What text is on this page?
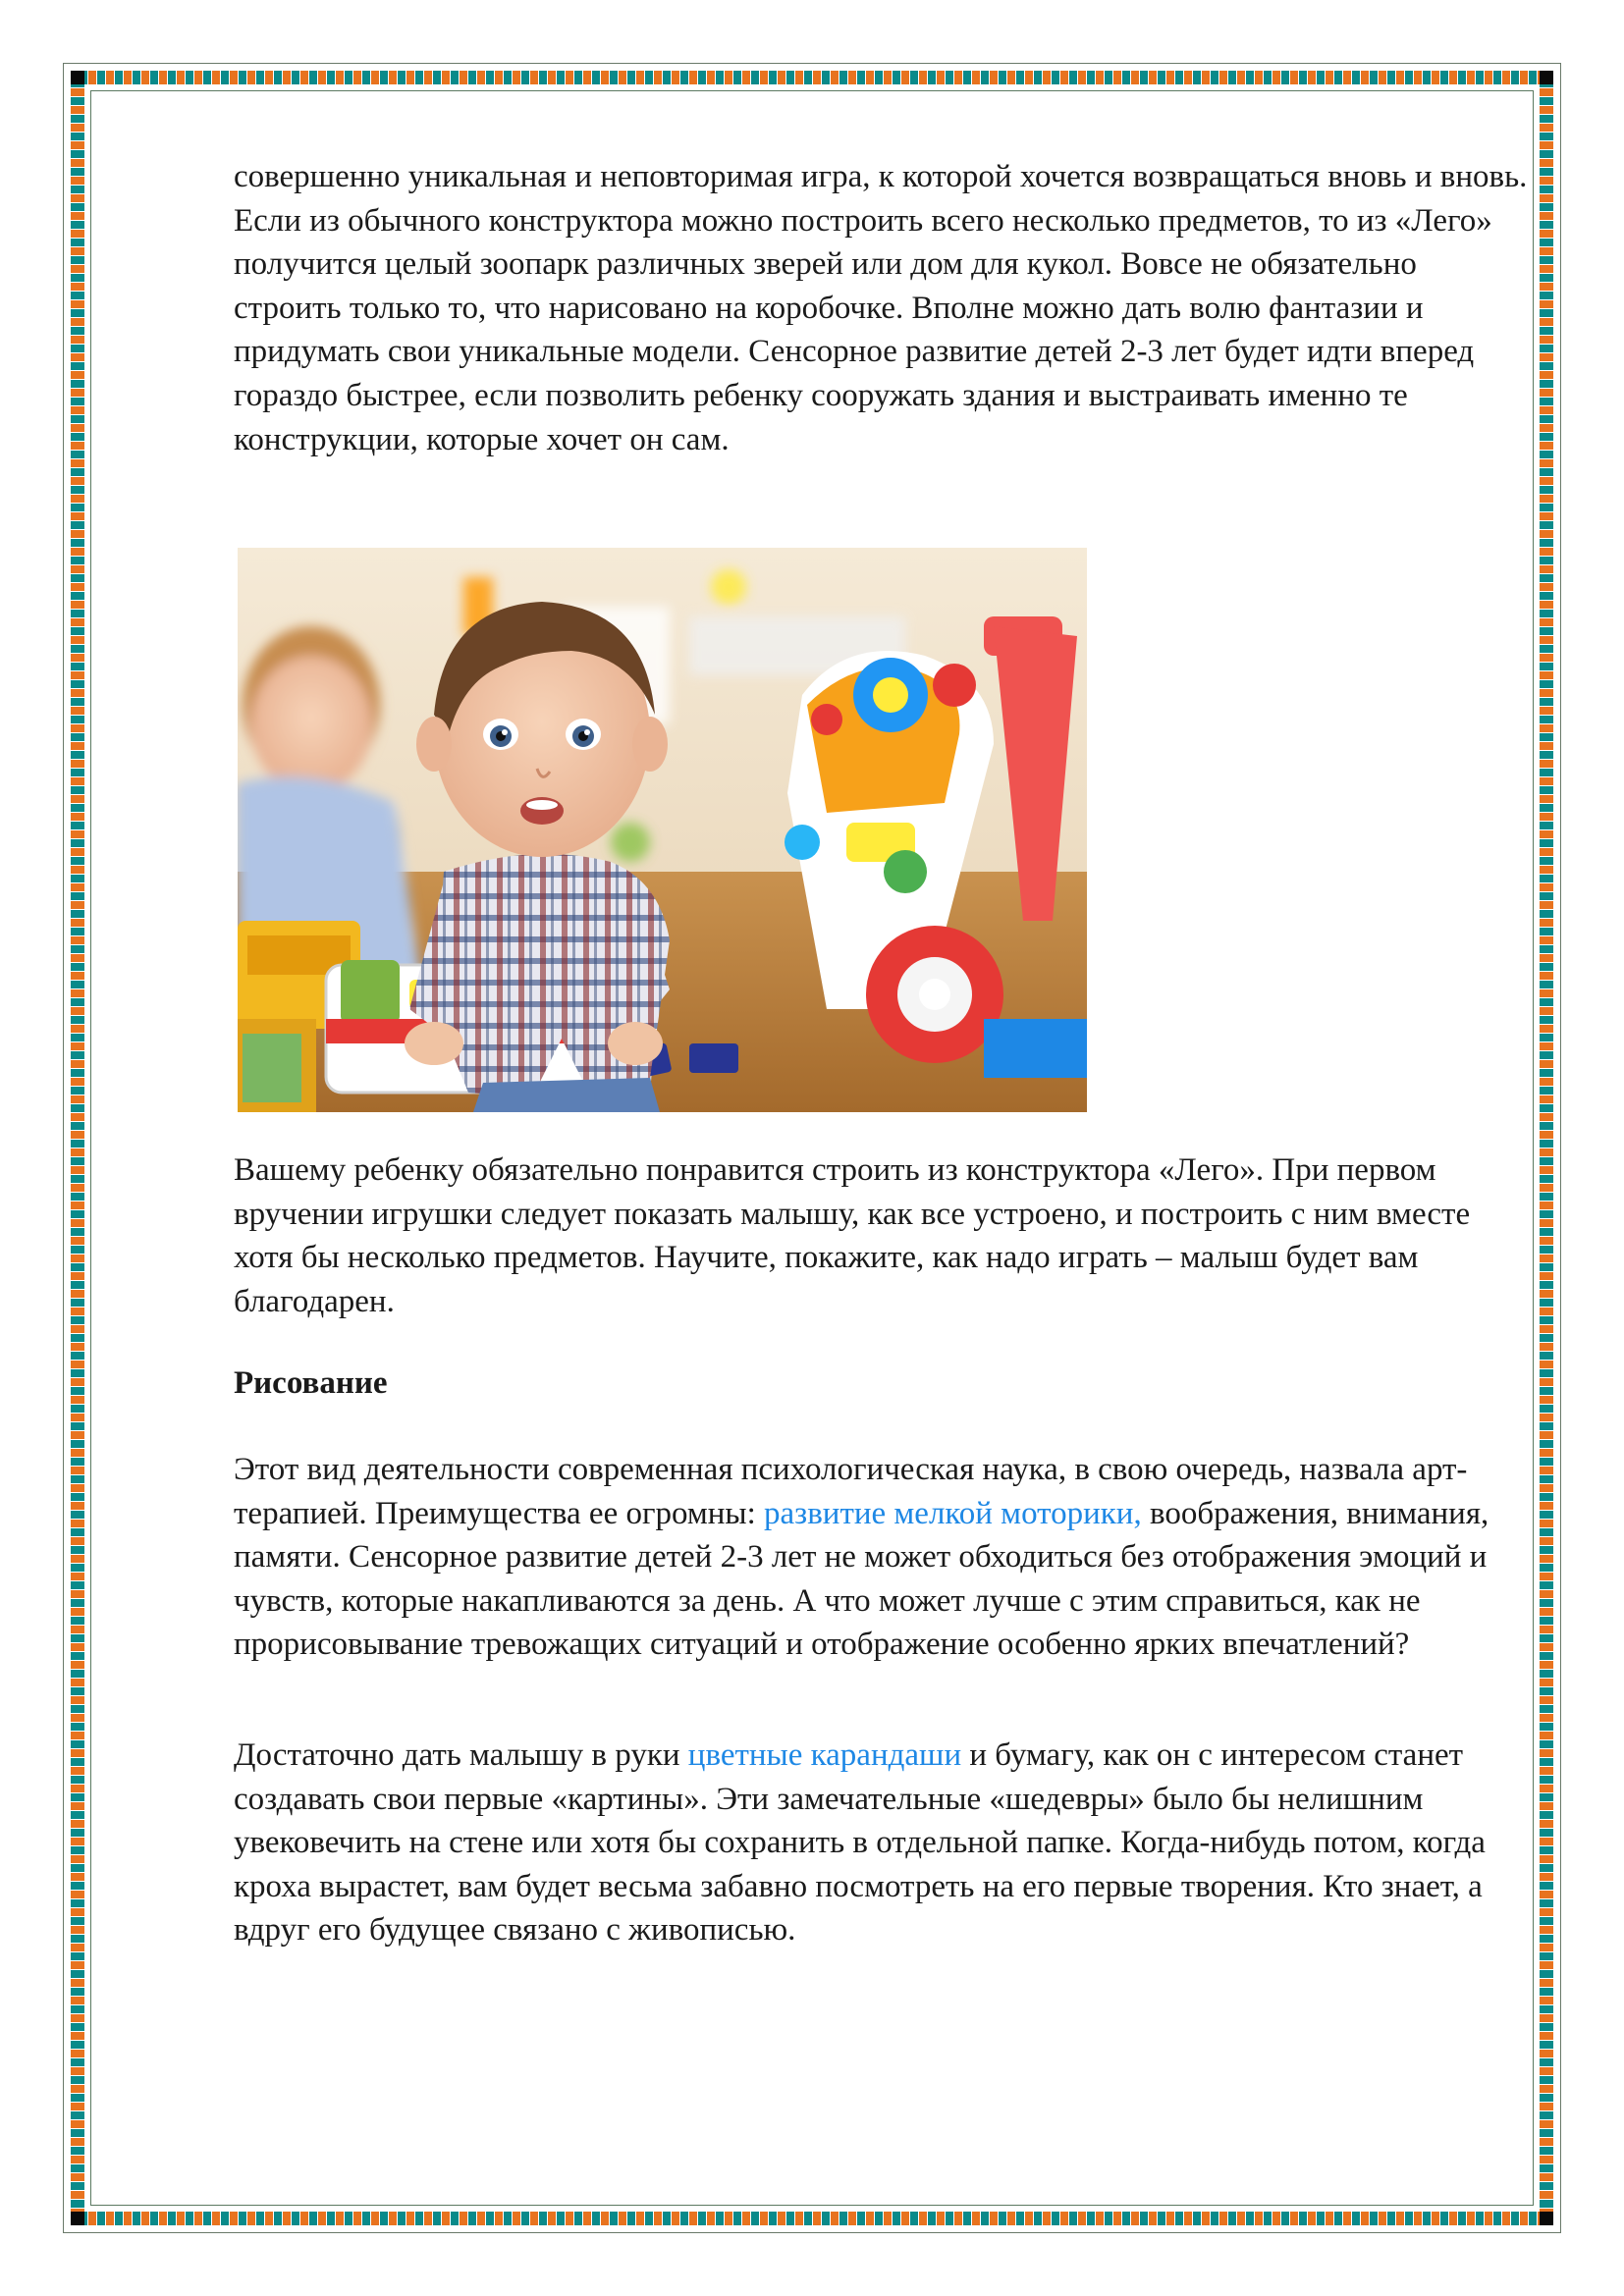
совершенно уникальная и неповторимая игра, к которой хочется возвращаться вновь и вновь. Если из обычного конструктора можно построить всего несколько предметов, то из «Лего» получится целый зоопарк различных зверей или дом для кукол. Вовсе не обязательно строить только то, что нарисовано на коробочке. Вполне можно дать волю фантазии и придумать свои уникальные модели. Сенсорное развитие детей 2-3 лет будет идти вперед гораздо быстрее, если позволить ребенку сооружать здания и выстраивать именно те конструкции, которые хочет он сам.

Вашему ребенку обязательно понравится строить из конструктора «Лего». При первом вручении игрушки следует показать малышу, как все устроено, и построить с ним вместе хотя бы несколько предметов. Научите, покажите, как надо играть – малыш будет вам благодарен.

Рисование

Этот вид деятельности современная психологическая наука, в свою очередь, назвала арт-терапией. Преимущества ее огромны: развитие мелкой моторики, воображения, внимания, памяти. Сенсорное развитие детей 2-3 лет не может обходиться без отображения эмоций и чувств, которые накапливаются за день. А что может лучше с этим справиться, как не прорисовывание тревожащих ситуаций и отображение особенно ярких впечатлений?

Достаточно дать малышу в руки цветные карандаши и бумагу, как он с интересом станет создавать свои первые «картины». Эти замечательные «шедевры» было бы нелишним увековечить на стене или хотя бы сохранить в отдельной папке. Когда-нибудь потом, когда кроха вырастет, вам будет весьма забавно посмотреть на его первые творения. Кто знает, а вдруг его будущее связано с живописью.
